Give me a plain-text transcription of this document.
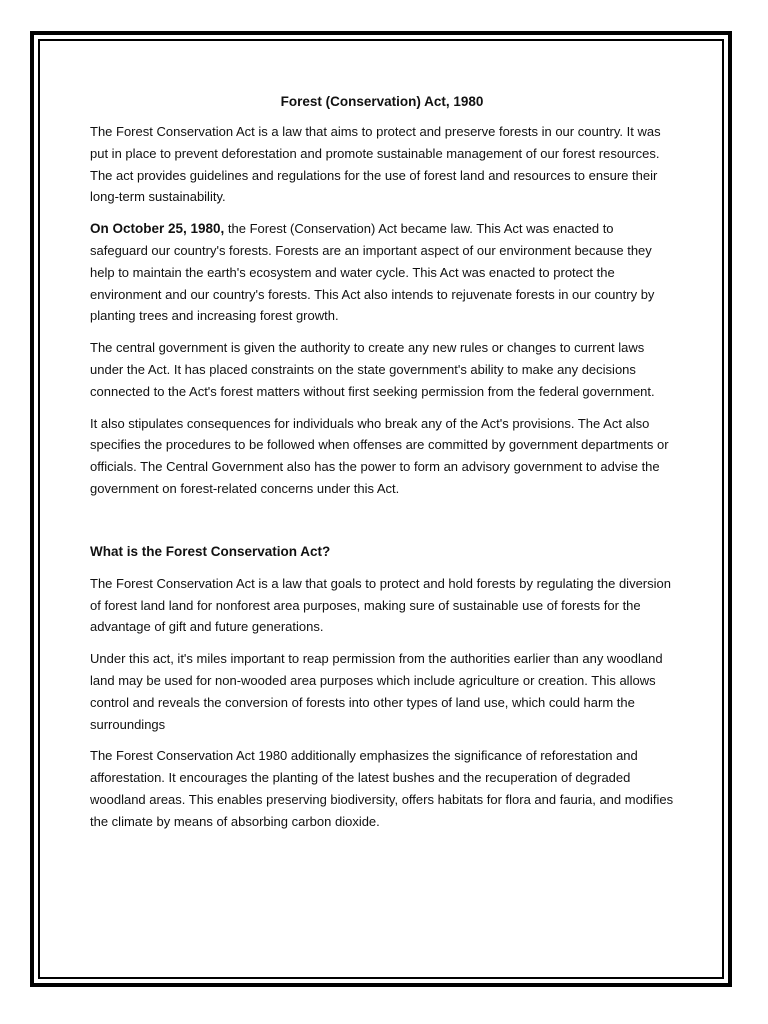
Forest (Conservation) Act, 1980

The Forest Conservation Act is a law that aims to protect and preserve forests in our country. It was put in place to prevent deforestation and promote sustainable management of our forest resources. The act provides guidelines and regulations for the use of forest land and resources to ensure their long-term sustainability.

On October 25, 1980, the Forest (Conservation) Act became law. This Act was enacted to safeguard our country's forests. Forests are an important aspect of our environment because they help to maintain the earth's ecosystem and water cycle. This Act was enacted to protect the environment and our country's forests. This Act also intends to rejuvenate forests in our country by planting trees and increasing forest growth.

The central government is given the authority to create any new rules or changes to current laws under the Act. It has placed constraints on the state government's ability to make any decisions connected to the Act's forest matters without first seeking permission from the federal government.

It also stipulates consequences for individuals who break any of the Act's provisions. The Act also specifies the procedures to be followed when offenses are committed by government departments or officials. The Central Government also has the power to form an advisory government to advise the government on forest-related concerns under this Act.

What is the Forest Conservation Act?

The Forest Conservation Act is a law that goals to protect and hold forests by regulating the diversion of forest land land for nonforest area purposes, making sure of sustainable use of forests for the advantage of gift and future generations.

Under this act, it's miles important to reap permission from the authorities earlier than any woodland land may be used for non-wooded area purposes which include agriculture or creation. This allows control and reveals the conversion of forests into other types of land use, which could harm the surroundings

The Forest Conservation Act 1980 additionally emphasizes the significance of reforestation and afforestation. It encourages the planting of the latest bushes and the recuperation of degraded woodland areas. This enables preserving biodiversity, offers habitats for flora and fauria, and modifies the climate by means of absorbing carbon dioxide.
